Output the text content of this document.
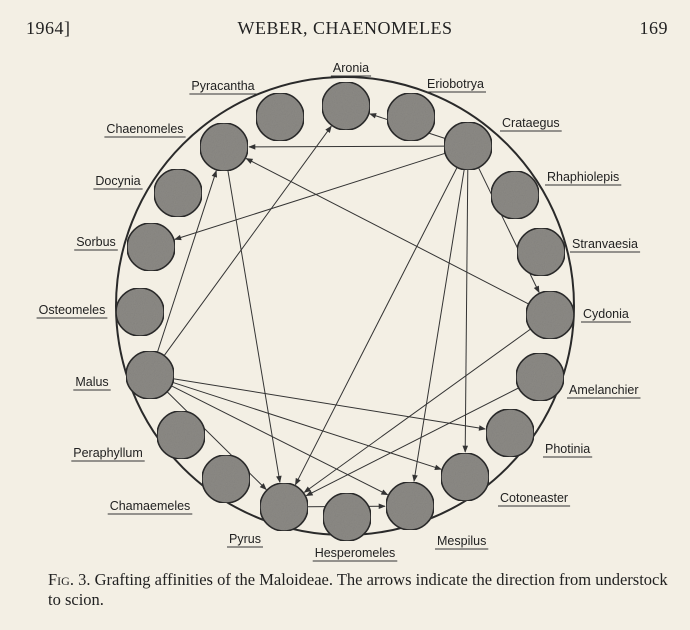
1964]	WEBER, CHAENOMELES	169
Aronia
Eriobotrya
Crataegus
Rhaphiolepis
Stranvaesia
Cydonia
Amelanchier
Photinia
Cotoneaster
Mespilus
Hesperomeles
Pyrus
Chamaemeles
Peraphyllum
Malus
Osteomeles
Sorbus
Docynia
Chaenomeles
Pyracantha
Fig. 3. Grafting affinities of the Maloideae. The arrows indicate the direction from understock to scion.
